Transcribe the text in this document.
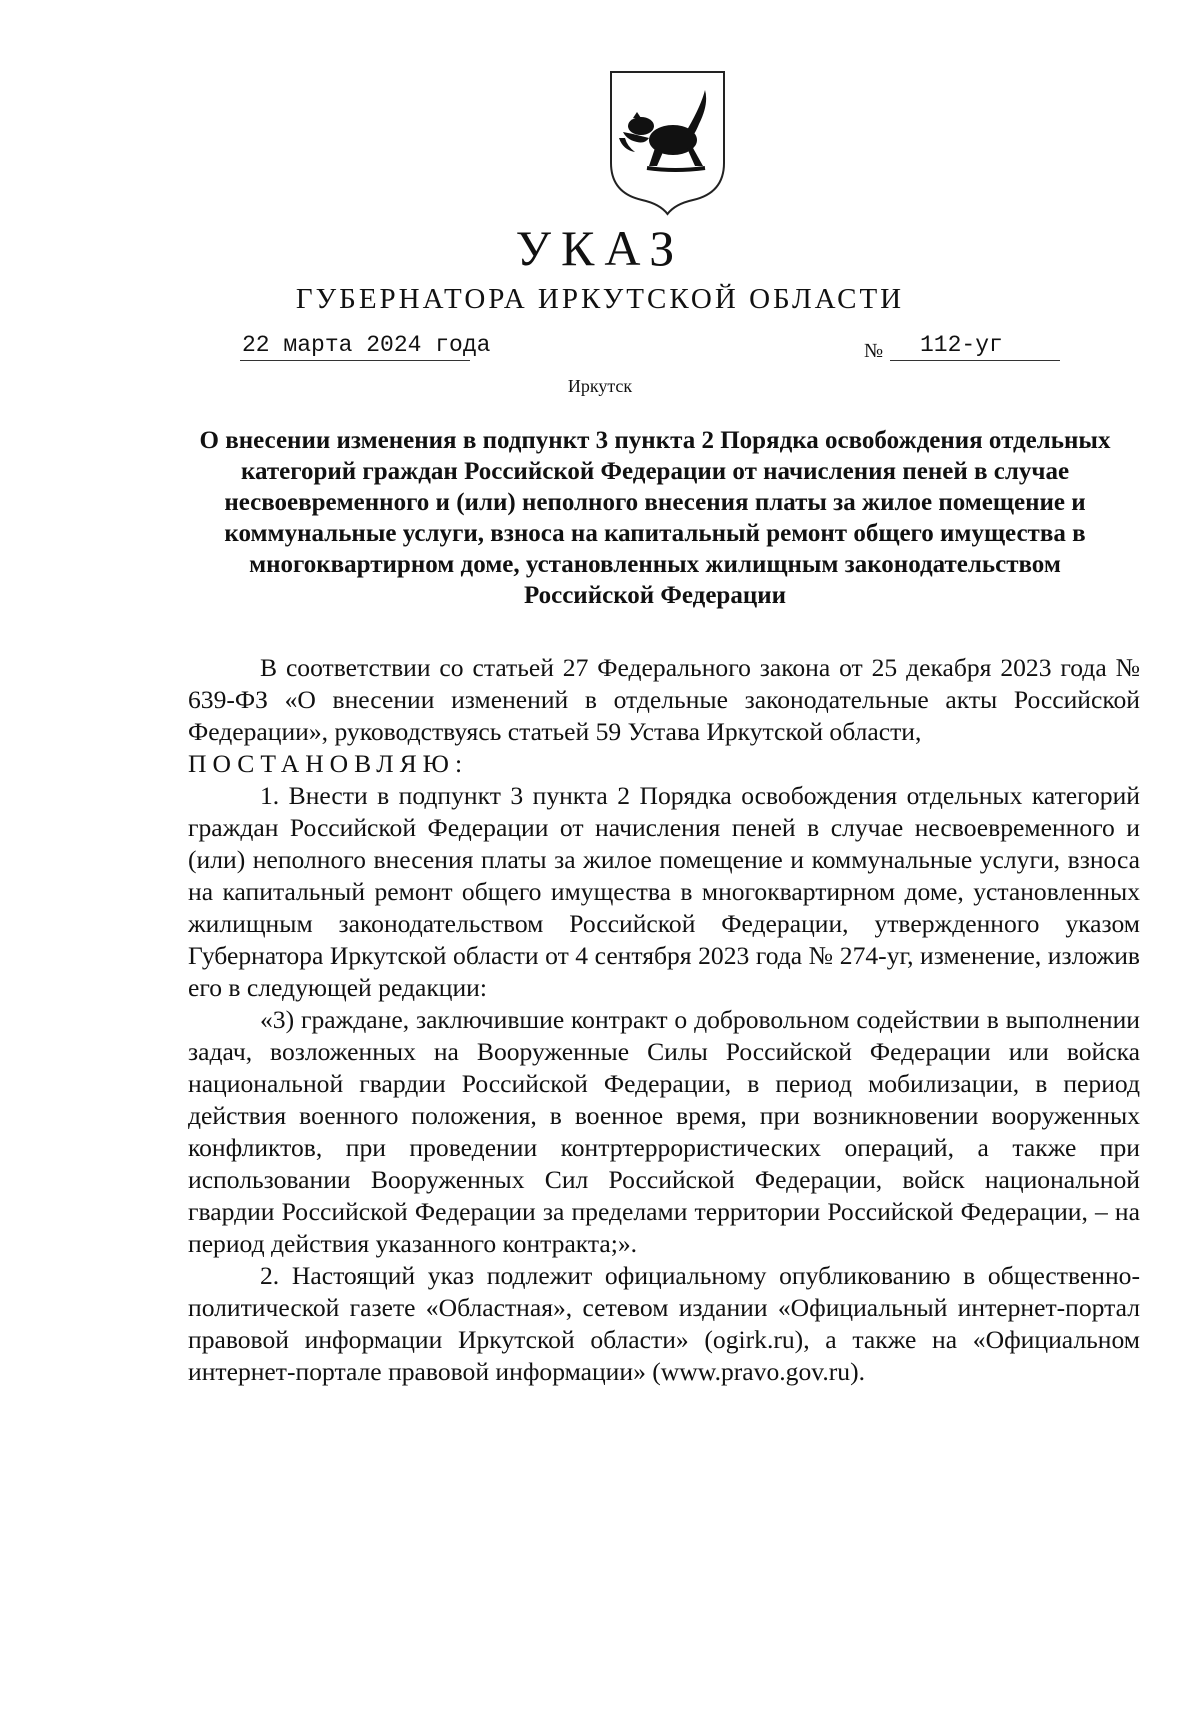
УКАЗ
ГУБЕРНАТОРА ИРКУТСКОЙ ОБЛАСТИ
22 марта 2024 года	№	112-уг
Иркутск
О внесении изменения в подпункт 3 пункта 2 Порядка освобождения отдельных категорий граждан Российской Федерации от начисления пеней в случае несвоевременного и (или) неполного внесения платы за жилое помещение и коммунальные услуги, взноса на капитальный ремонт общего имущества в многоквартирном доме, установленных жилищным законодательством Российской Федерации

В соответствии со статьей 27 Федерального закона от 25 декабря 2023 года № 639-ФЗ «О внесении изменений в отдельные законодательные акты Российской Федерации», руководствуясь статьей 59 Устава Иркутской области,

ПОСТАНОВЛЯЮ:

1. Внести в подпункт 3 пункта 2 Порядка освобождения отдельных категорий граждан Российской Федерации от начисления пеней в случае несвоевременного и (или) неполного внесения платы за жилое помещение и коммунальные услуги, взноса на капитальный ремонт общего имущества в многоквартирном доме, установленных жилищным законодательством Российской Федерации, утвержденного указом Губернатора Иркутской области от 4 сентября 2023 года № 274-уг, изменение, изложив его в следующей редакции:

«3) граждане, заключившие контракт о добровольном содействии в выполнении задач, возложенных на Вооруженные Силы Российской Федерации или войска национальной гвардии Российской Федерации, в период мобилизации, в период действия военного положения, в военное время, при возникновении вооруженных конфликтов, при проведении контртеррористических операций, а также при использовании Вооруженных Сил Российской Федерации, войск национальной гвардии Российской Федерации за пределами территории Российской Федерации, – на период действия указанного контракта;».

2. Настоящий указ подлежит официальному опубликованию в общественно-политической газете «Областная», сетевом издании «Официальный интернет-портал правовой информации Иркутской области» (ogirk.ru), а также на «Официальном интернет-портале правовой информации» (www.pravo.gov.ru).
